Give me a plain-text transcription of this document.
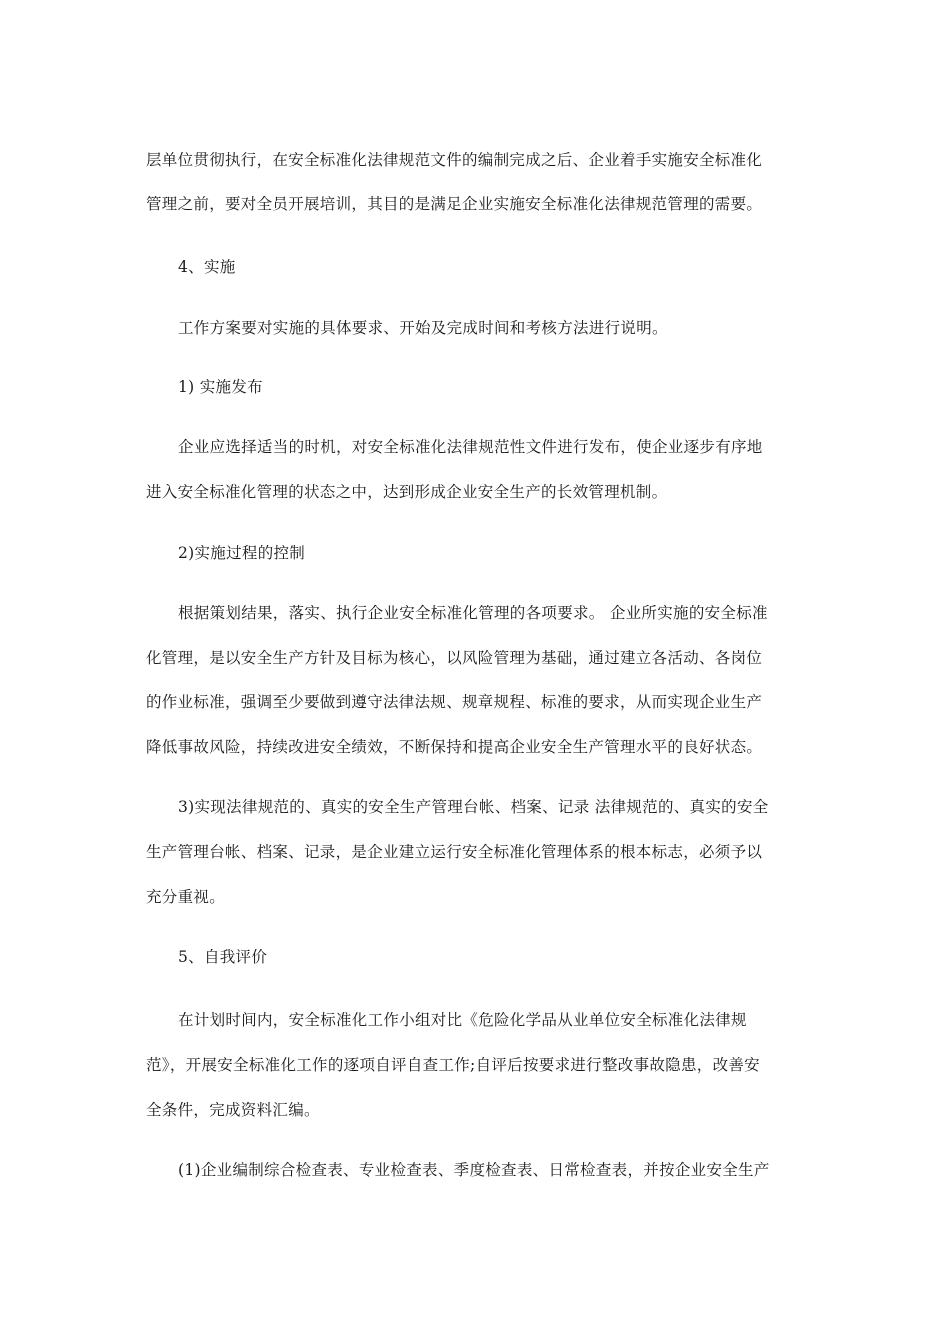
层单位贯彻执行，在安全标准化法律规范文件的编制完成之后、企业着手实施安全标准化
管理之前，要对全员开展培训，其目的是满足企业实施安全标准化法律规范管理的需要。
4、实施
工作方案要对实施的具体要求、开始及完成时间和考核方法进行说明。
1) 实施发布
企业应选择适当的时机，对安全标准化法律规范性文件进行发布，使企业逐步有序地
进入安全标准化管理的状态之中，达到形成企业安全生产的长效管理机制。
2)实施过程的控制
根据策划结果，落实、执行企业安全标准化管理的各项要求。 企业所实施的安全标准
化管理，是以安全生产方针及目标为核心，以风险管理为基础，通过建立各活动、各岗位
的作业标准，强调至少要做到遵守法律法规、规章规程、标准的要求，从而实现企业生产
降低事故风险，持续改进安全绩效，不断保持和提高企业安全生产管理水平的良好状态。
3)实现法律规范的、真实的安全生产管理台帐、档案、记录 法律规范的、真实的安全
生产管理台帐、档案、记录，是企业建立运行安全标准化管理体系的根本标志，必须予以
充分重视。
5、自我评价
在计划时间内，安全标准化工作小组对比《危险化学品从业单位安全标准化法律规
范》，开展安全标准化工作的逐项自评自查工作;自评后按要求进行整改事故隐患，改善安
全条件，完成资料汇编。
(1)企业编制综合检查表、专业检查表、季度检查表、日常检查表，并按企业安全生产
